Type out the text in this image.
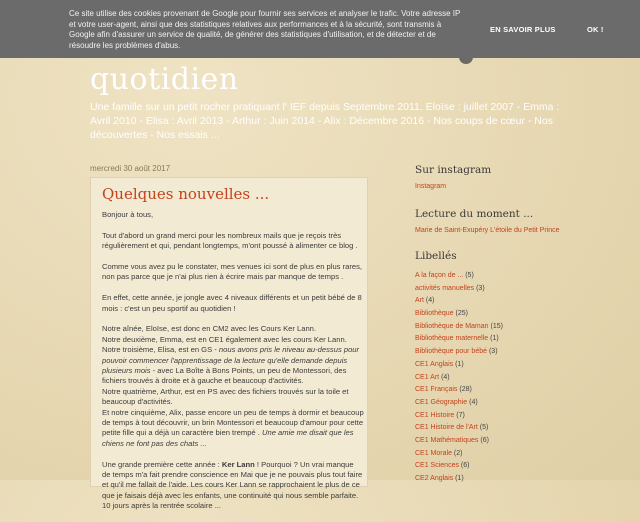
Ce site utilise des cookies provenant de Google pour fournir ses services et analyser le trafic. Votre adresse IP et votre user-agent, ainsi que des statistiques relatives aux performances et à la sécurité, sont transmis à Google afin d'assurer un service de qualité, de générer des statistiques d'utilisation, et de détecter et de résoudre les problèmes d'abus.
EN SAVOIR PLUS	OK !
quotidien
Une famille sur un petit rocher pratiquant l' IEF depuis Septembre 2011. Eloïse : juillet 2007 - Emma : Avril 2010 - Elisa : Avril 2013 - Arthur : Juin 2014 - Alix : Décembre 2016 - Nos coups de cœur - Nos découvertes - Nos essais ...
mercredi 30 août 2017
Quelques nouvelles ...

Bonjour à tous,

Tout d'abord un grand merci pour les nombreux mails que je reçois très régulièrement et qui, pendant longtemps, m'ont poussé à alimenter ce blog .

Comme vous avez pu le constater, mes venues ici sont de plus en plus rares, non pas parce que je n'ai plus rien à écrire mais par manque de temps .

En effet, cette année, je jongle avec 4 niveaux différents et un petit bébé de 8 mois : c'est un peu sportif au quotidien !

Notre aînée, Eloïse, est donc en CM2 avec les Cours Ker Lann.
Notre deuxième, Emma, est en CE1 également avec les cours Ker Lann.
Notre troisième, Elisa, est en GS - nous avons pris le niveau au-dessus pour pouvoir commencer l'apprentissage de la lecture qu'elle demande depuis plusieurs mois - avec La Boîte à Bons Points, un peu de Montessori, des fichiers trouvés à droite et à gauche et beaucoup d'activités.
Notre quatrième, Arthur, est en PS avec des fichiers trouvés sur la toile et beaucoup d'activités.
Et notre cinquième, Alix, passe encore un peu de temps à dormir et beaucoup de temps à tout découvrir, un brin Montessori et beaucoup d'amour pour cette petite fille qui a déjà un caractère bien trempé . Une amie me disait que les chiens ne font pas des chats ...

Une grande première cette année : Ker Lann ! Pourquoi ? Un vrai manque de temps m'a fait prendre conscience en Mai que je ne pouvais plus tout faire et qu'il me fallait de l'aide. Les cours Ker Lann se rapprochaient le plus de ce que je faisais déjà avec les enfants, une continuité qui nous semble parfaite. 10 jours après la rentrée scolaire ...

Sur instagram
Instagram
Lecture du moment ...
Marie de Saint-Exupéry L'étoile du Petit Prince
Libellés
A la façon de ... (5)
activités manuelles (3)
Art (4)
Bibliothèque (25)
Bibliothèque de Maman (15)
Bibliothèque maternelle (1)
Bibliothèque pour bébé (3)
CE1 Anglais (1)
CE1 Art (4)
CE1 Français (28)
CE1 Géographie (4)
CE1 Histoire (7)
CE1 Histoire de l'Art (5)
CE1 Mathématiques (6)
CE1 Morale (2)
CE1 Sciences (6)
CE2 Anglais (1)
